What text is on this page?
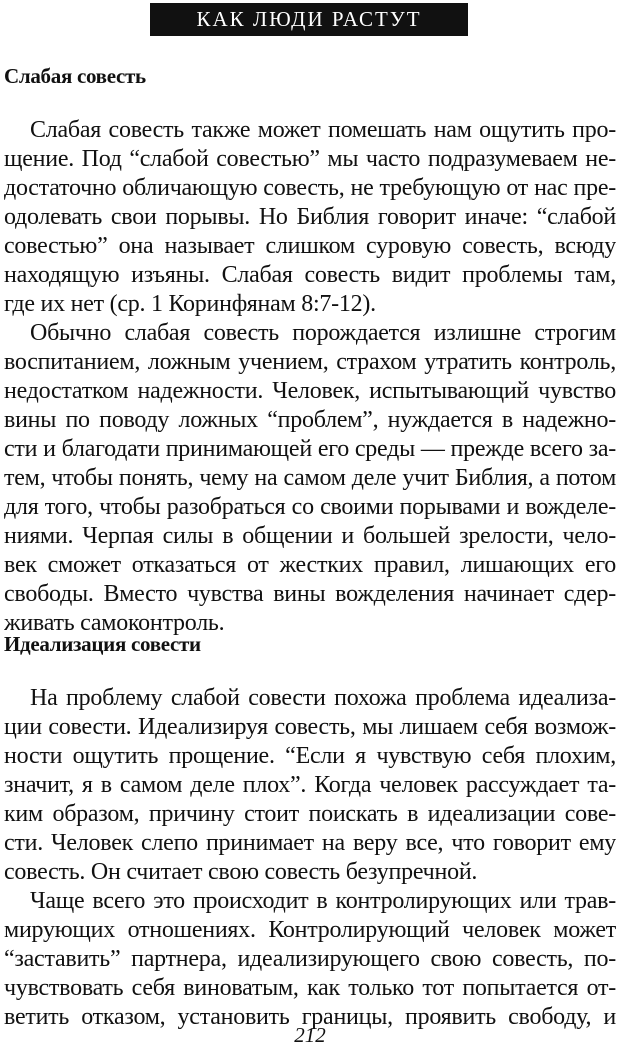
КАК ЛЮДИ РАСТУТ
Слабая совесть
Слабая совесть также может помешать нам ощутить про-
щение. Под “слабой совестью” мы часто подразумеваем не-
достаточно обличающую совесть, не требующую от нас пре-
одолевать свои порывы. Но Библия говорит иначе: “слабой
совестью” она называет слишком суровую совесть, всюду
находящую изъяны. Слабая совесть видит проблемы там,
где их нет (ср. 1 Коринфянам 8:7-12).
Обычно слабая совесть порождается излишне строгим
воспитанием, ложным учением, страхом утратить контроль,
недостатком надежности. Человек, испытывающий чувство
вины по поводу ложных “проблем”, нуждается в надежно-
сти и благодати принимающей его среды — прежде всего за-
тем, чтобы понять, чему на самом деле учит Библия, а потом
для того, чтобы разобраться со своими порывами и вожделе-
ниями. Черпая силы в общении и большей зрелости, чело-
век сможет отказаться от жестких правил, лишающих его
свободы. Вместо чувства вины вожделения начинает сдер-
живать самоконтроль.
Идеализация совести
На проблему слабой совести похожа проблема идеализа-
ции совести. Идеализируя совесть, мы лишаем себя возмож-
ности ощутить прощение. “Если я чувствую себя плохим,
значит, я в самом деле плох”. Когда человек рассуждает та-
ким образом, причину стоит поискать в идеализации сове-
сти. Человек слепо принимает на веру все, что говорит ему
совесть. Он считает свою совесть безупречной.
Чаще всего это происходит в контролирующих или трав-
мирующих отношениях. Контролирующий человек может
“заставить” партнера, идеализирующего свою совесть, по-
чувствовать себя виноватым, как только тот попытается от-
ветить отказом, установить границы, проявить свободу, и
212
